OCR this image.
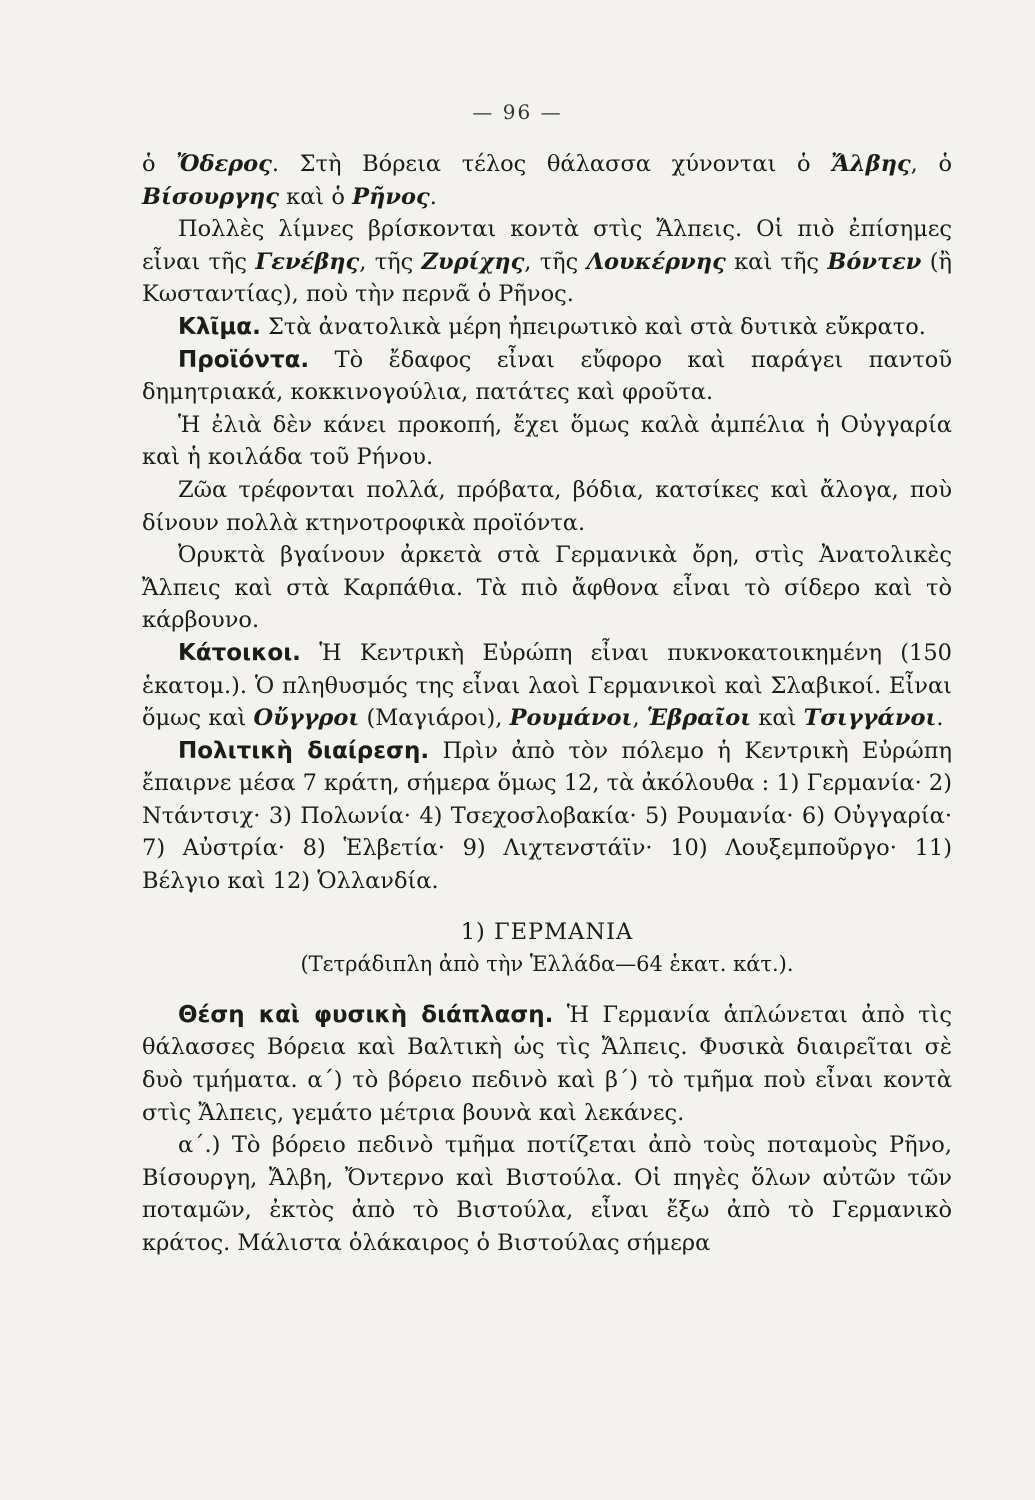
— 96 —

ὁ Ὄδερος. Στὴ Βόρεια τέλος θάλασσα χύνονται ὁ Ἄλβης, ὁ Βίσουργης καὶ ὁ Ρῆνος.

Πολλὲς λίμνες βρίσκονται κοντὰ στὶς Ἄλπεις. Οἱ πιὸ ἐπίσημες εἶναι τῆς Γενέβης, τῆς Ζυρίχης, τῆς Λουκέρνης καὶ τῆς Βόντεν (ἢ Κωσταντίας), ποὺ τὴν περνᾶ ὁ Ρῆνος.

Κλῖμα. Στὰ ἀνατολικὰ μέρη ἠπειρωτικὸ καὶ στὰ δυτικὰ εὔκρατο.

Προϊόντα. Τὸ ἔδαφος εἶναι εὔφορο καὶ παράγει παντοῦ δημητριακά, κοκκινογούλια, πατάτες καὶ φροῦτα.

Ἡ ἐλιὰ δὲν κάνει προκοπή, ἔχει ὅμως καλὰ ἀμπέλια ἡ Οὐγγαρία καὶ ἡ κοιλάδα τοῦ Ρήνου.

Ζῶα τρέφονται πολλά, πρόβατα, βόδια, κατσίκες καὶ ἄλογα, ποὺ δίνουν πολλὰ κτηνοτροφικὰ προϊόντα.

Ὀρυκτὰ βγαίνουν ἀρκετὰ στὰ Γερμανικὰ ὄρη, στὶς Ἀνατολικὲς Ἄλπεις καὶ στὰ Καρπάθια. Τὰ πιὸ ἄφθονα εἶναι τὸ σίδερο καὶ τὸ κάρβουνο.

Κάτοικοι. Ἡ Κεντρικὴ Εὐρώπη εἶναι πυκνοκατοικημένη (150 ἑκατομ.). Ὁ πληθυσμός της εἶναι λαοὶ Γερμανικοὶ καὶ Σλαβικοί. Εἶναι ὅμως καὶ Οὔγγροι (Μαγιάροι), Ρουμάνοι, Ἑβραῖοι καὶ Τσιγγάνοι.

Πολιτικὴ διαίρεση. Πρὶν ἀπὸ τὸν πόλεμο ἡ Κεντρικὴ Εὐρώπη ἔπαιρνε μέσα 7 κράτη, σήμερα ὅμως 12, τὰ ἀκόλουθα : 1) Γερμανία· 2) Ντάντσιχ· 3) Πολωνία· 4) Τσεχοσλοβακία· 5) Ρουμανία· 6) Οὐγγαρία· 7) Αὐστρία· 8) Ἑλβετία· 9) Λιχτενστάϊν· 10) Λουξεμποῦργο· 11) Βέλγιο καὶ 12) Ὁλλανδία.

1) ΓΕΡΜΑΝΙΑ

(Τετράδιπλη ἀπὸ τὴν Ἑλλάδα—64 ἑκατ. κάτ.).

Θέση καὶ φυσικὴ διάπλαση. Ἡ Γερμανία ἁπλώνεται ἀπὸ τὶς θάλασσες Βόρεια καὶ Βαλτικὴ ὡς τὶς Ἄλπεις. Φυσικὰ διαιρεῖται σὲ δυὸ τμήματα. α΄) τὸ βόρειο πεδινὸ καὶ β΄) τὸ τμῆμα ποὺ εἶναι κοντὰ στὶς Ἄλπεις, γεμάτο μέτρια βουνὰ καὶ λεκάνες.

α΄.) Τὸ βόρειο πεδινὸ τμῆμα ποτίζεται ἀπὸ τοὺς ποταμοὺς Ρῆνο, Βίσουργη, Ἄλβη, Ὄντερνο καὶ Βιστούλα. Οἱ πηγὲς ὅλων αὐτῶν τῶν ποταμῶν, ἐκτὸς ἀπὸ τὸ Βιστούλα, εἶναι ἔξω ἀπὸ τὸ Γερμανικὸ κράτος. Μάλιστα ὁλάκαιρος ὁ Βιστούλας σήμερα
